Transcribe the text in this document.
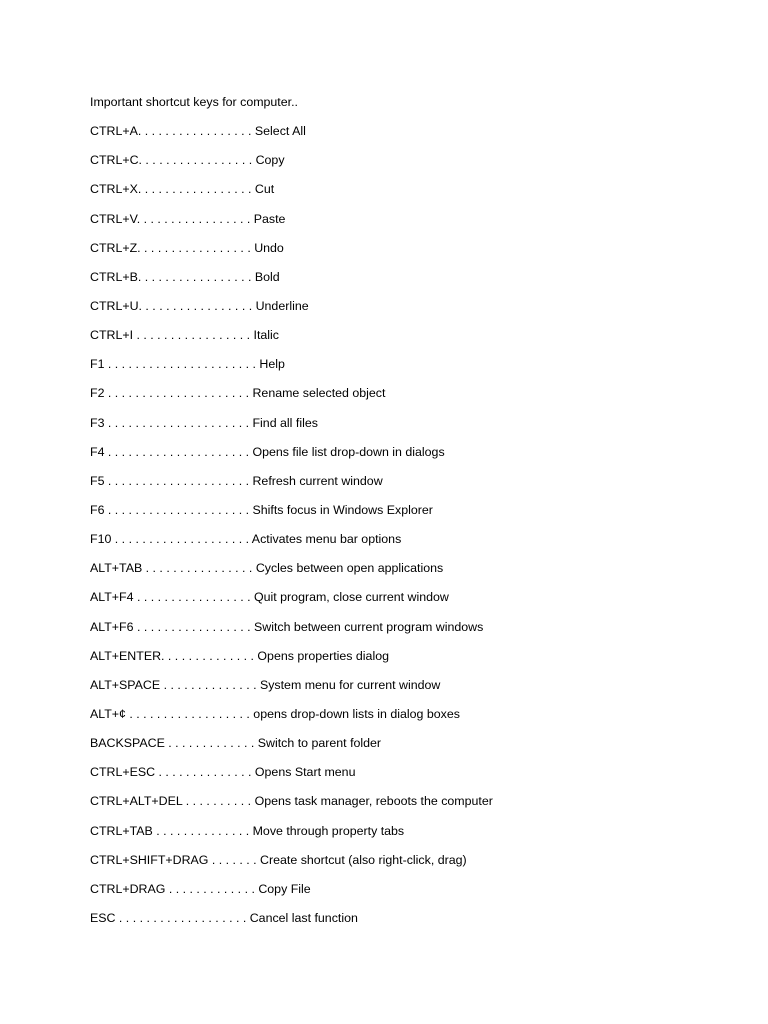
Important shortcut keys for computer..
CTRL+A. . . . . . . . . . . . . . . . . Select All
CTRL+C. . . . . . . . . . . . . . . . . Copy
CTRL+X. . . . . . . . . . . . . . . . . Cut
CTRL+V. . . . . . . . . . . . . . . . . Paste
CTRL+Z. . . . . . . . . . . . . . . . . Undo
CTRL+B. . . . . . . . . . . . . . . . . Bold
CTRL+U. . . . . . . . . . . . . . . . . Underline
CTRL+I . . . . . . . . . . . . . . . . . Italic
F1 . . . . . . . . . . . . . . . . . . . . . . Help
F2 . . . . . . . . . . . . . . . . . . . . . Rename selected object
F3 . . . . . . . . . . . . . . . . . . . . . Find all files
F4 . . . . . . . . . . . . . . . . . . . . . Opens file list drop-down in dialogs
F5 . . . . . . . . . . . . . . . . . . . . . Refresh current window
F6 . . . . . . . . . . . . . . . . . . . . . Shifts focus in Windows Explorer
F10 . . . . . . . . . . . . . . . . . . . . Activates menu bar options
ALT+TAB . . . . . . . . . . . . . . . . Cycles between open applications
ALT+F4 . . . . . . . . . . . . . . . . . Quit program, close current window
ALT+F6 . . . . . . . . . . . . . . . . . Switch between current program windows
ALT+ENTER. . . . . . . . . . . . . . Opens properties dialog
ALT+SPACE . . . . . . . . . . . . . . System menu for current window
ALT+¢ . . . . . . . . . . . . . . . . . . opens drop-down lists in dialog boxes
BACKSPACE . . . . . . . . . . . . . Switch to parent folder
CTRL+ESC . . . . . . . . . . . . . . Opens Start menu
CTRL+ALT+DEL . . . . . . . . . . Opens task manager, reboots the computer
CTRL+TAB . . . . . . . . . . . . . . Move through property tabs
CTRL+SHIFT+DRAG . . . . . . . Create shortcut (also right-click, drag)
CTRL+DRAG . . . . . . . . . . . . . Copy File
ESC . . . . . . . . . . . . . . . . . . . Cancel last function
